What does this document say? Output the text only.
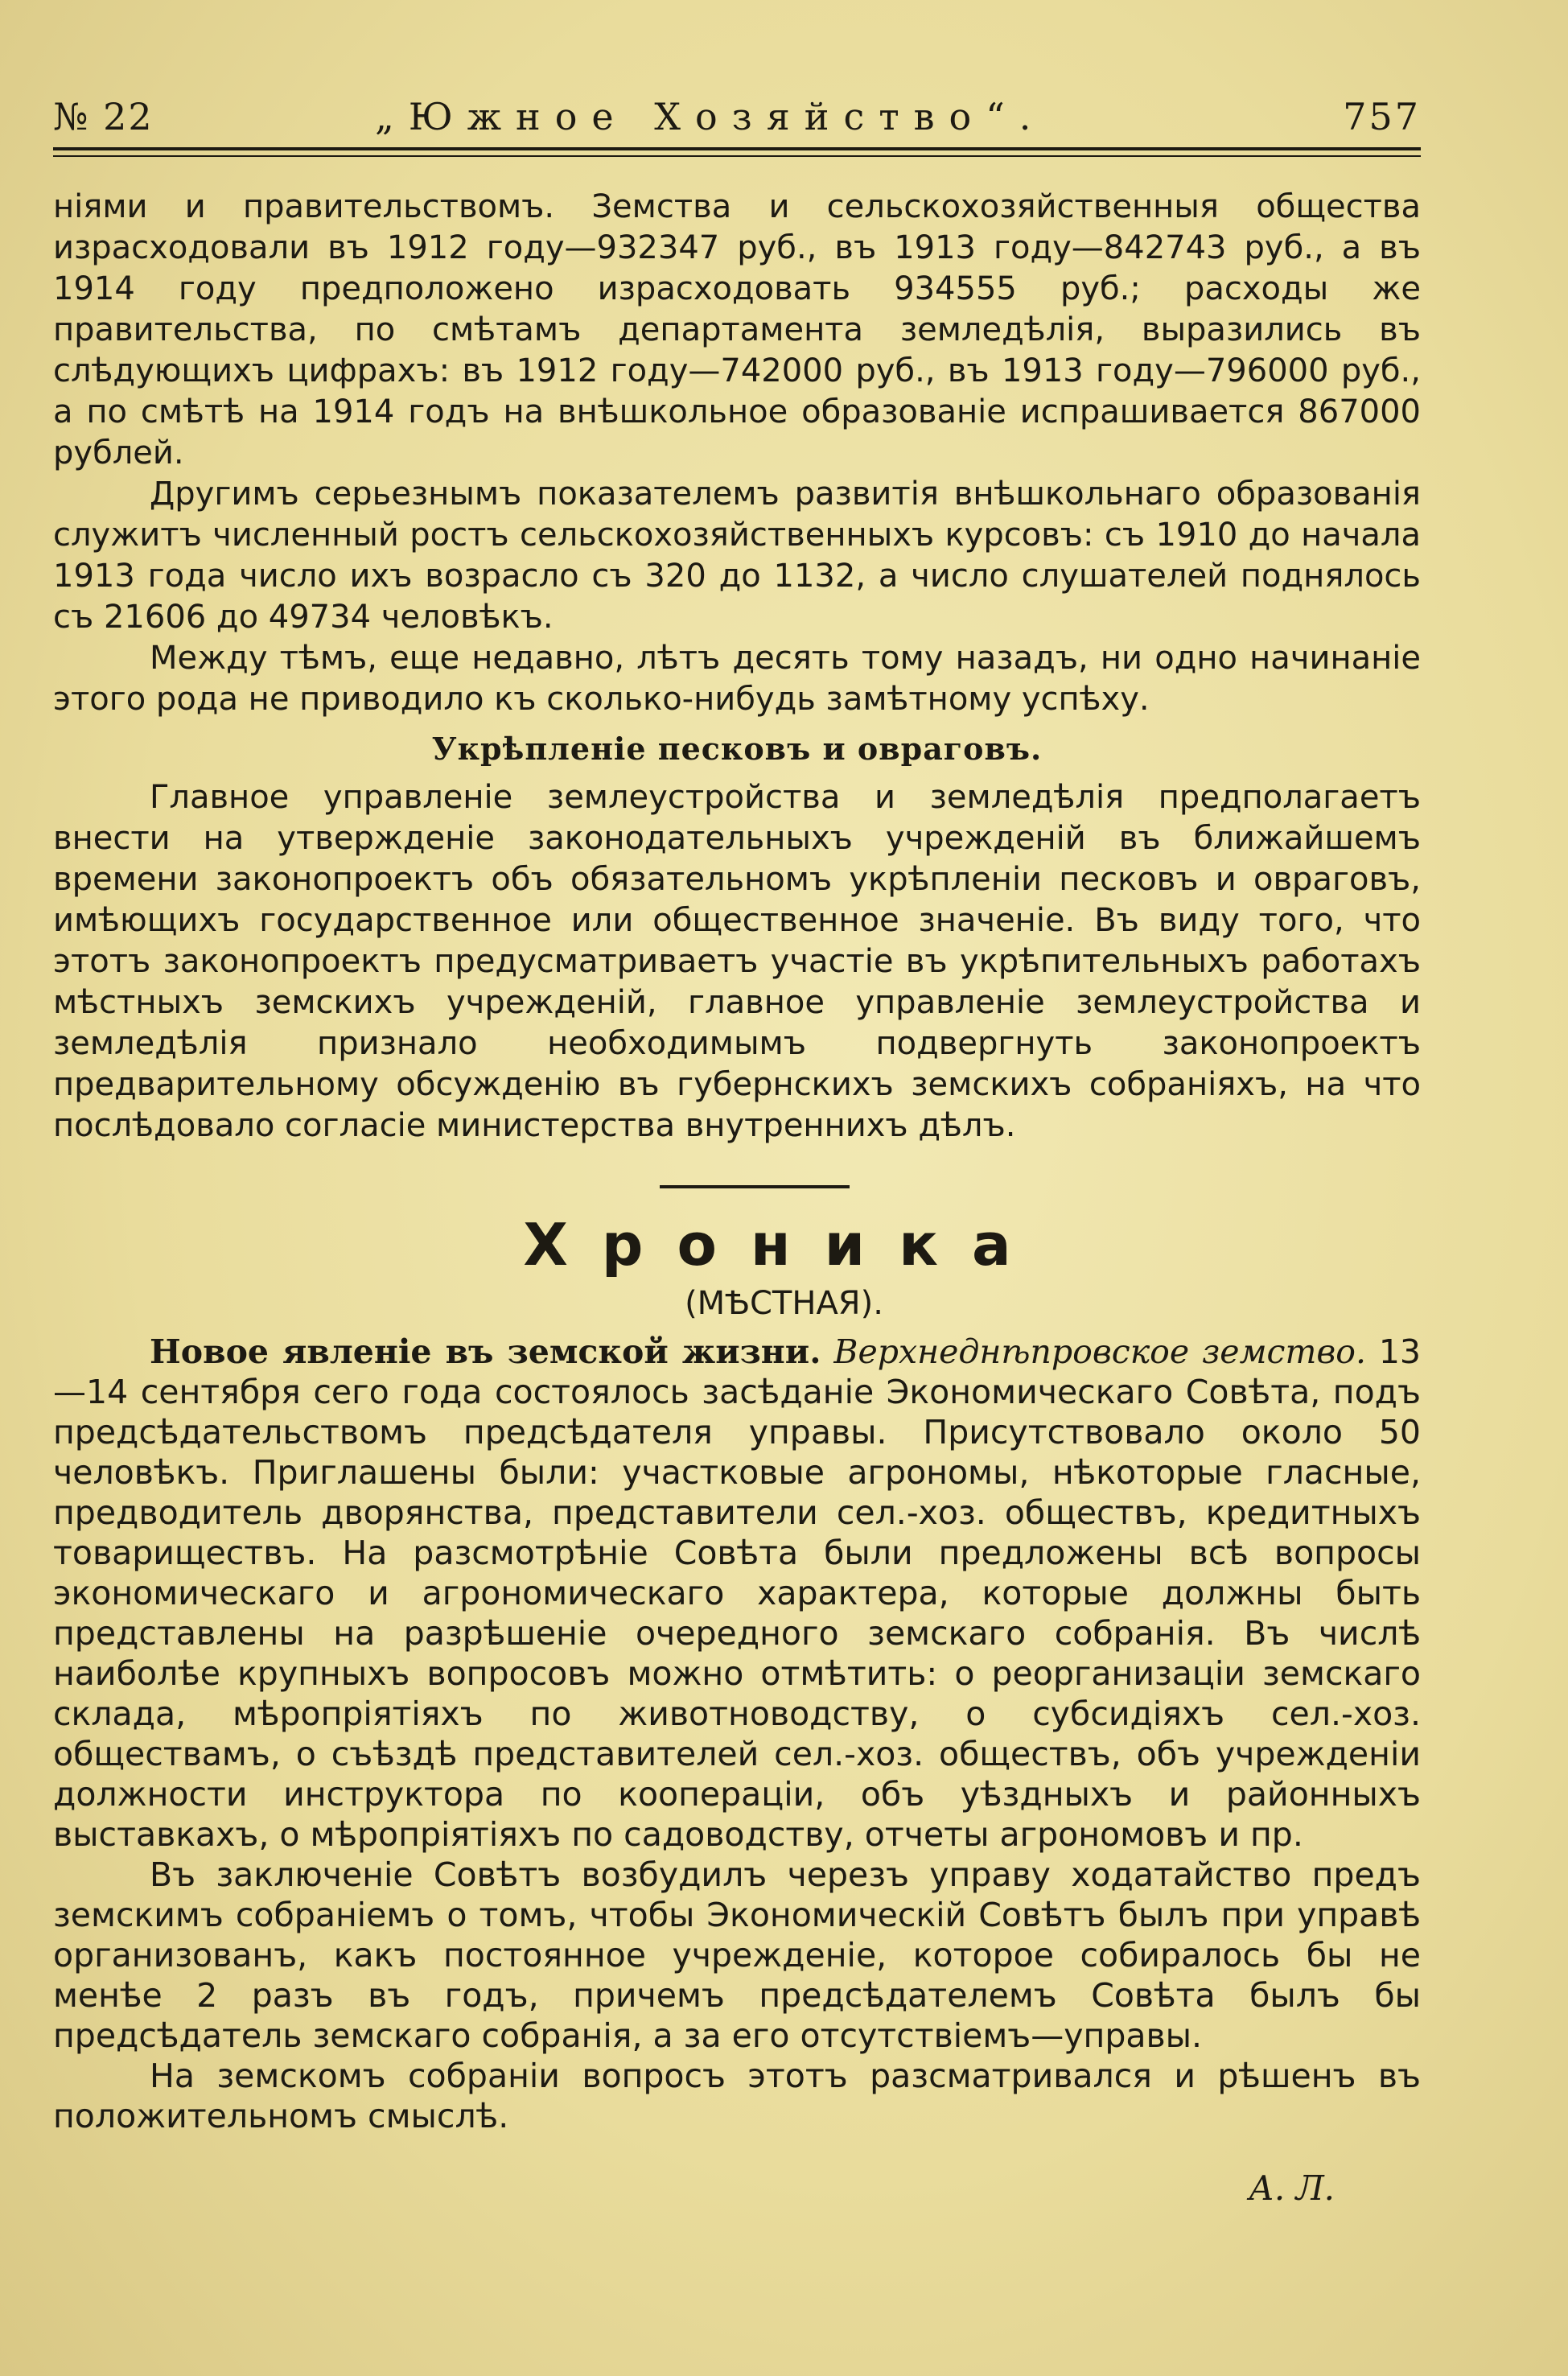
№ 22	„Южное Хозяйство“.	757

ніями и правительствомъ. Земства и сельскохозяйственныя общества израсходовали въ 1912 году—932347 руб., въ 1913 году—842743 руб., а въ 1914 году предположено израсходовать 934555 руб.; расходы же правительства, по смѣтамъ департамента земледѣлія, выразились въ слѣдующихъ цифрахъ: въ 1912 году—742000 руб., въ 1913 году—796000 руб., а по смѣтѣ на 1914 годъ на внѣшкольное образованіе испрашивается 867000 рублей.

Другимъ серьезнымъ показателемъ развитія внѣшкольнаго образованія служитъ численный ростъ сельскохозяйственныхъ курсовъ: съ 1910 до начала 1913 года число ихъ возрасло съ 320 до 1132, а число слушателей поднялось съ 21606 до 49734 человѣкъ.

Между тѣмъ, еще недавно, лѣтъ десять тому назадъ, ни одно начинаніе этого рода не приводило къ сколько-нибудь замѣтному успѣху.

Укрѣпленіе песковъ и овраговъ.

Главное управленіе землеустройства и земледѣлія предполагаетъ внести на утвержденіе законодательныхъ учрежденій въ ближайшемъ времени законопроектъ объ обязательномъ укрѣпленіи песковъ и овраговъ, имѣющихъ государственное или общественное значеніе. Въ виду того, что этотъ законопроектъ предусматриваетъ участіе въ укрѣпительныхъ работахъ мѣстныхъ земскихъ учрежденій, главное управленіе землеустройства и земледѣлія признало необходимымъ подвергнуть законопроектъ предварительному обсужденію въ губернскихъ земскихъ собраніяхъ, на что послѣдовало согласіе министерства внутреннихъ дѣлъ.

Хроника
(МѢСТНАЯ).

Новое явленіе въ земской жизни. Верхнеднѣпровское земство. 13—14 сентября сего года состоялось засѣданіе Экономическаго Совѣта, подъ предсѣдательствомъ предсѣдателя управы. Присутствовало около 50 человѣкъ. Приглашены были: участковые агрономы, нѣкоторые гласные, предводитель дворянства, представители сел.-хоз. обществъ, кредитныхъ товариществъ. На разсмотрѣніе Совѣта были предложены всѣ вопросы экономическаго и агрономическаго характера, которые должны быть представлены на разрѣшеніе очередного земскаго собранія. Въ числѣ наиболѣе крупныхъ вопросовъ можно отмѣтить: о реорганизаціи земскаго склада, мѣропріятіяхъ по животноводству, о субсидіяхъ сел.-хоз. обществамъ, о съѣздѣ представителей сел.-хоз. обществъ, объ учрежденіи должности инструктора по коопераціи, объ уѣздныхъ и районныхъ выставкахъ, о мѣропріятіяхъ по садоводству, отчеты агрономовъ и пр.

Въ заключеніе Совѣтъ возбудилъ черезъ управу ходатайство предъ земскимъ собраніемъ о томъ, чтобы Экономическій Совѣтъ былъ при управѣ организованъ, какъ постоянное учрежденіе, которое собиралось бы не менѣе 2 разъ въ годъ, причемъ предсѣдателемъ Совѣта былъ бы предсѣдатель земскаго собранія, а за его отсутствіемъ—управы.

На земскомъ собраніи вопросъ этотъ разсматривался и рѣшенъ въ положительномъ смыслѣ.

А. Л.
